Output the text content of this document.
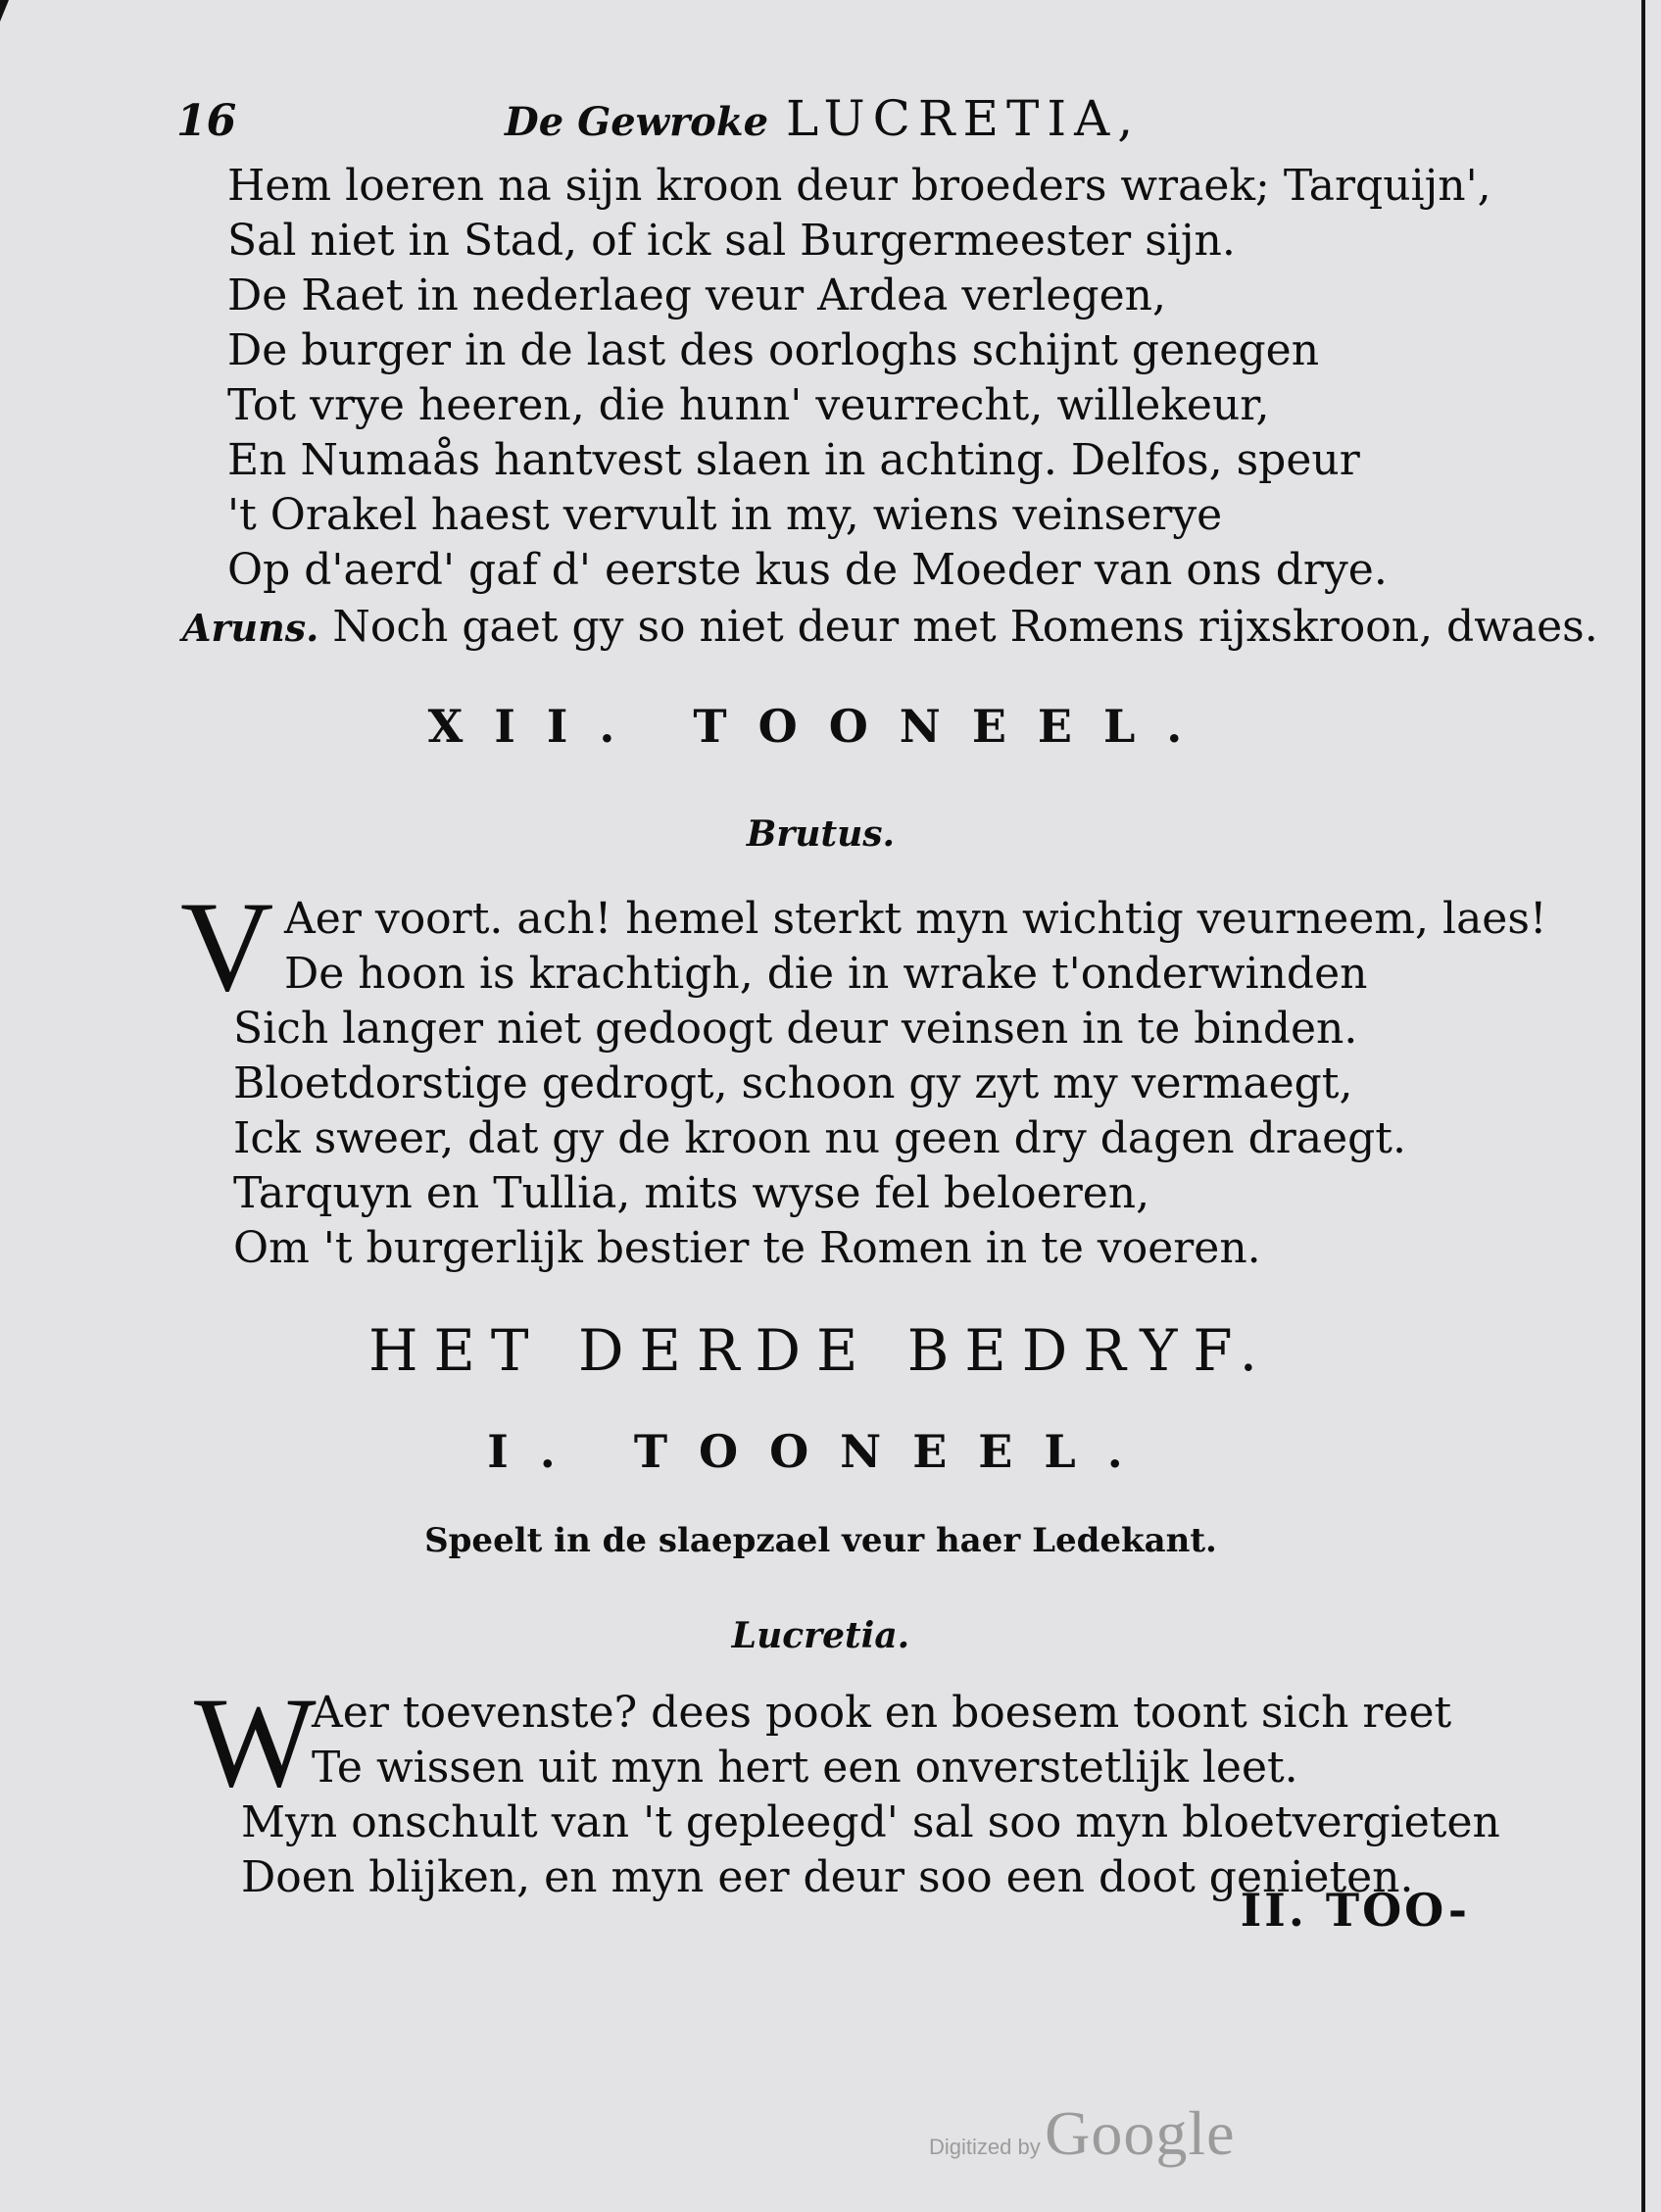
16	De Gewroke LUCRETIA,
Hem loeren na sijn kroon deur broeders wraek; Tarquijn',
Sal niet in Stad, of ick sal Burgermeester sijn.
De Raet in nederlaeg veur Ardea verlegen,
De burger in de last des oorloghs schijnt genegen
Tot vrye heeren, die hunn' veurrecht, willekeur,
En Numaås hantvest slaen in achting. Delfos, speur
't Orakel haest vervult in my, wiens veinserye
Op d'aerd' gaf d' eerste kus de Moeder van ons drye.
Aruns. Noch gaet gy so niet deur met Romens rijxskroon, dwaes.
XII. TOONEEL.
Brutus.
V Aer voort. ach! hemel sterkt myn wichtig veurneem, laes!
De hoon is krachtigh, die in wrake t'onderwinden
Sich langer niet gedoogt deur veinsen in te binden.
Bloetdorstige gedrogt, schoon gy zyt my vermaegt,
Ick sweer, dat gy de kroon nu geen dry dagen draegt.
Tarquyn en Tullia, mits wyse fel beloeren,
Om 't burgerlijk bestier te Romen in te voeren.
HET DERDE BEDRYF.
I. TOONEEL.
Speelt in de slaepzael veur haer Ledekant.
Lucretia.
W
Aer toevenste? dees pook en boesem toont sich reet
Te wissen uit myn hert een onverstetlijk leet.
Myn onschult van 't gepleegd' sal soo myn bloetvergieten
Doen blijken, en myn eer deur soo een doot genieten.
II. TOO-
Digitized by Google
